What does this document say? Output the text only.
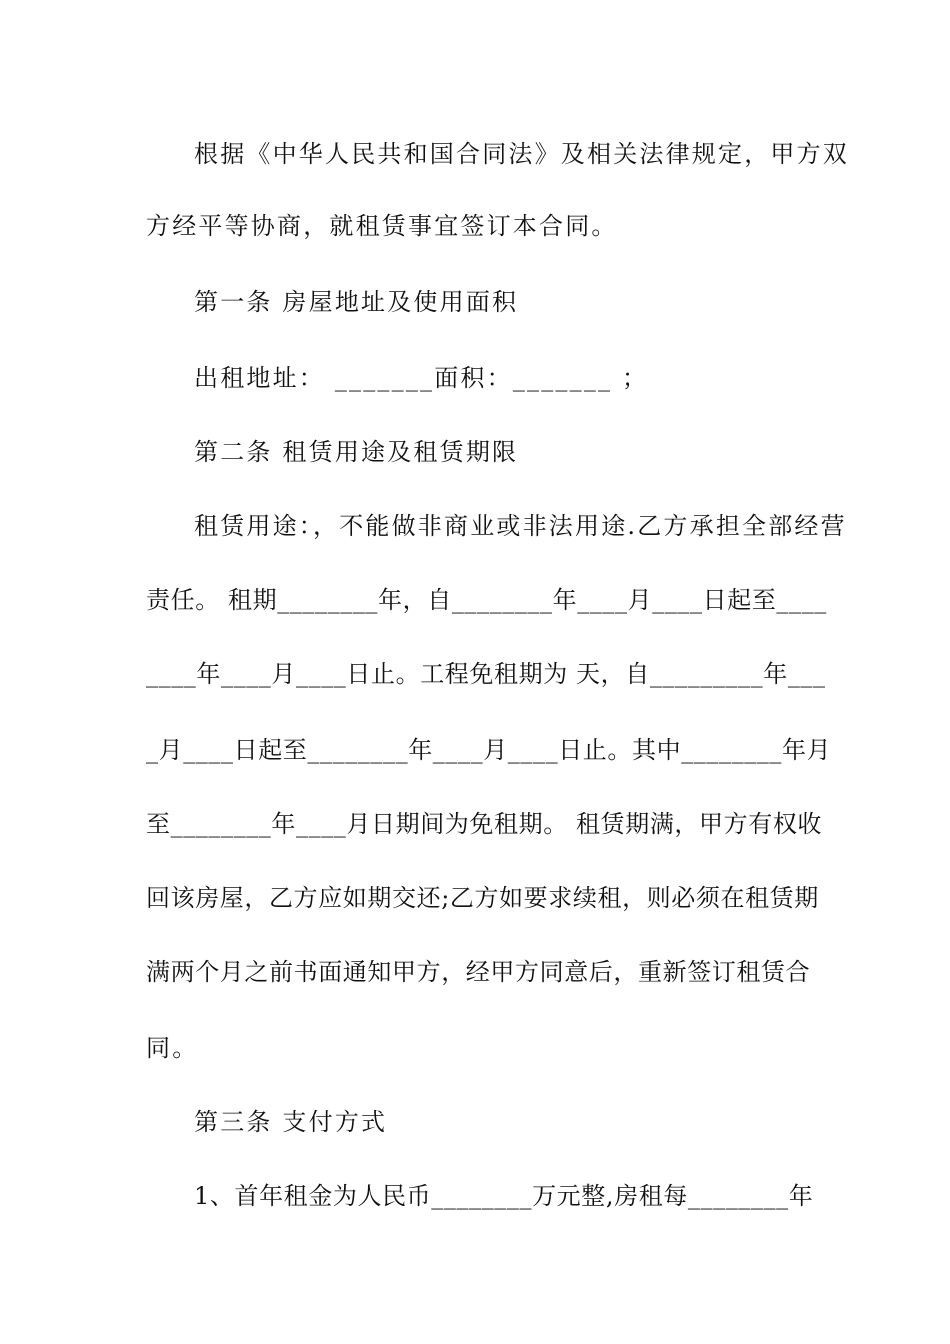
根据《中华人民共和国合同法》及相关法律规定，甲方双
方经平等协商，就租赁事宜签订本合同。
第一条 房屋地址及使用面积
出租地址： _______面积：_______ ；
第二条 租赁用途及租赁期限
租赁用途：，不能做非商业或非法用途.乙方承担全部经营
责任。 租期________年，自________年____月____日起至____
____年____月____日止。工程免租期为 天，自_________年___
_月____日起至________年____月____日止。其中________年月
至________年____月日期间为免租期。 租赁期满，甲方有权收
回该房屋，乙方应如期交还;乙方如要求续租，则必须在租赁期
满两个月之前书面通知甲方，经甲方同意后，重新签订租赁合
同。
第三条 支付方式
1、首年租金为人民币________万元整,房租每________年
